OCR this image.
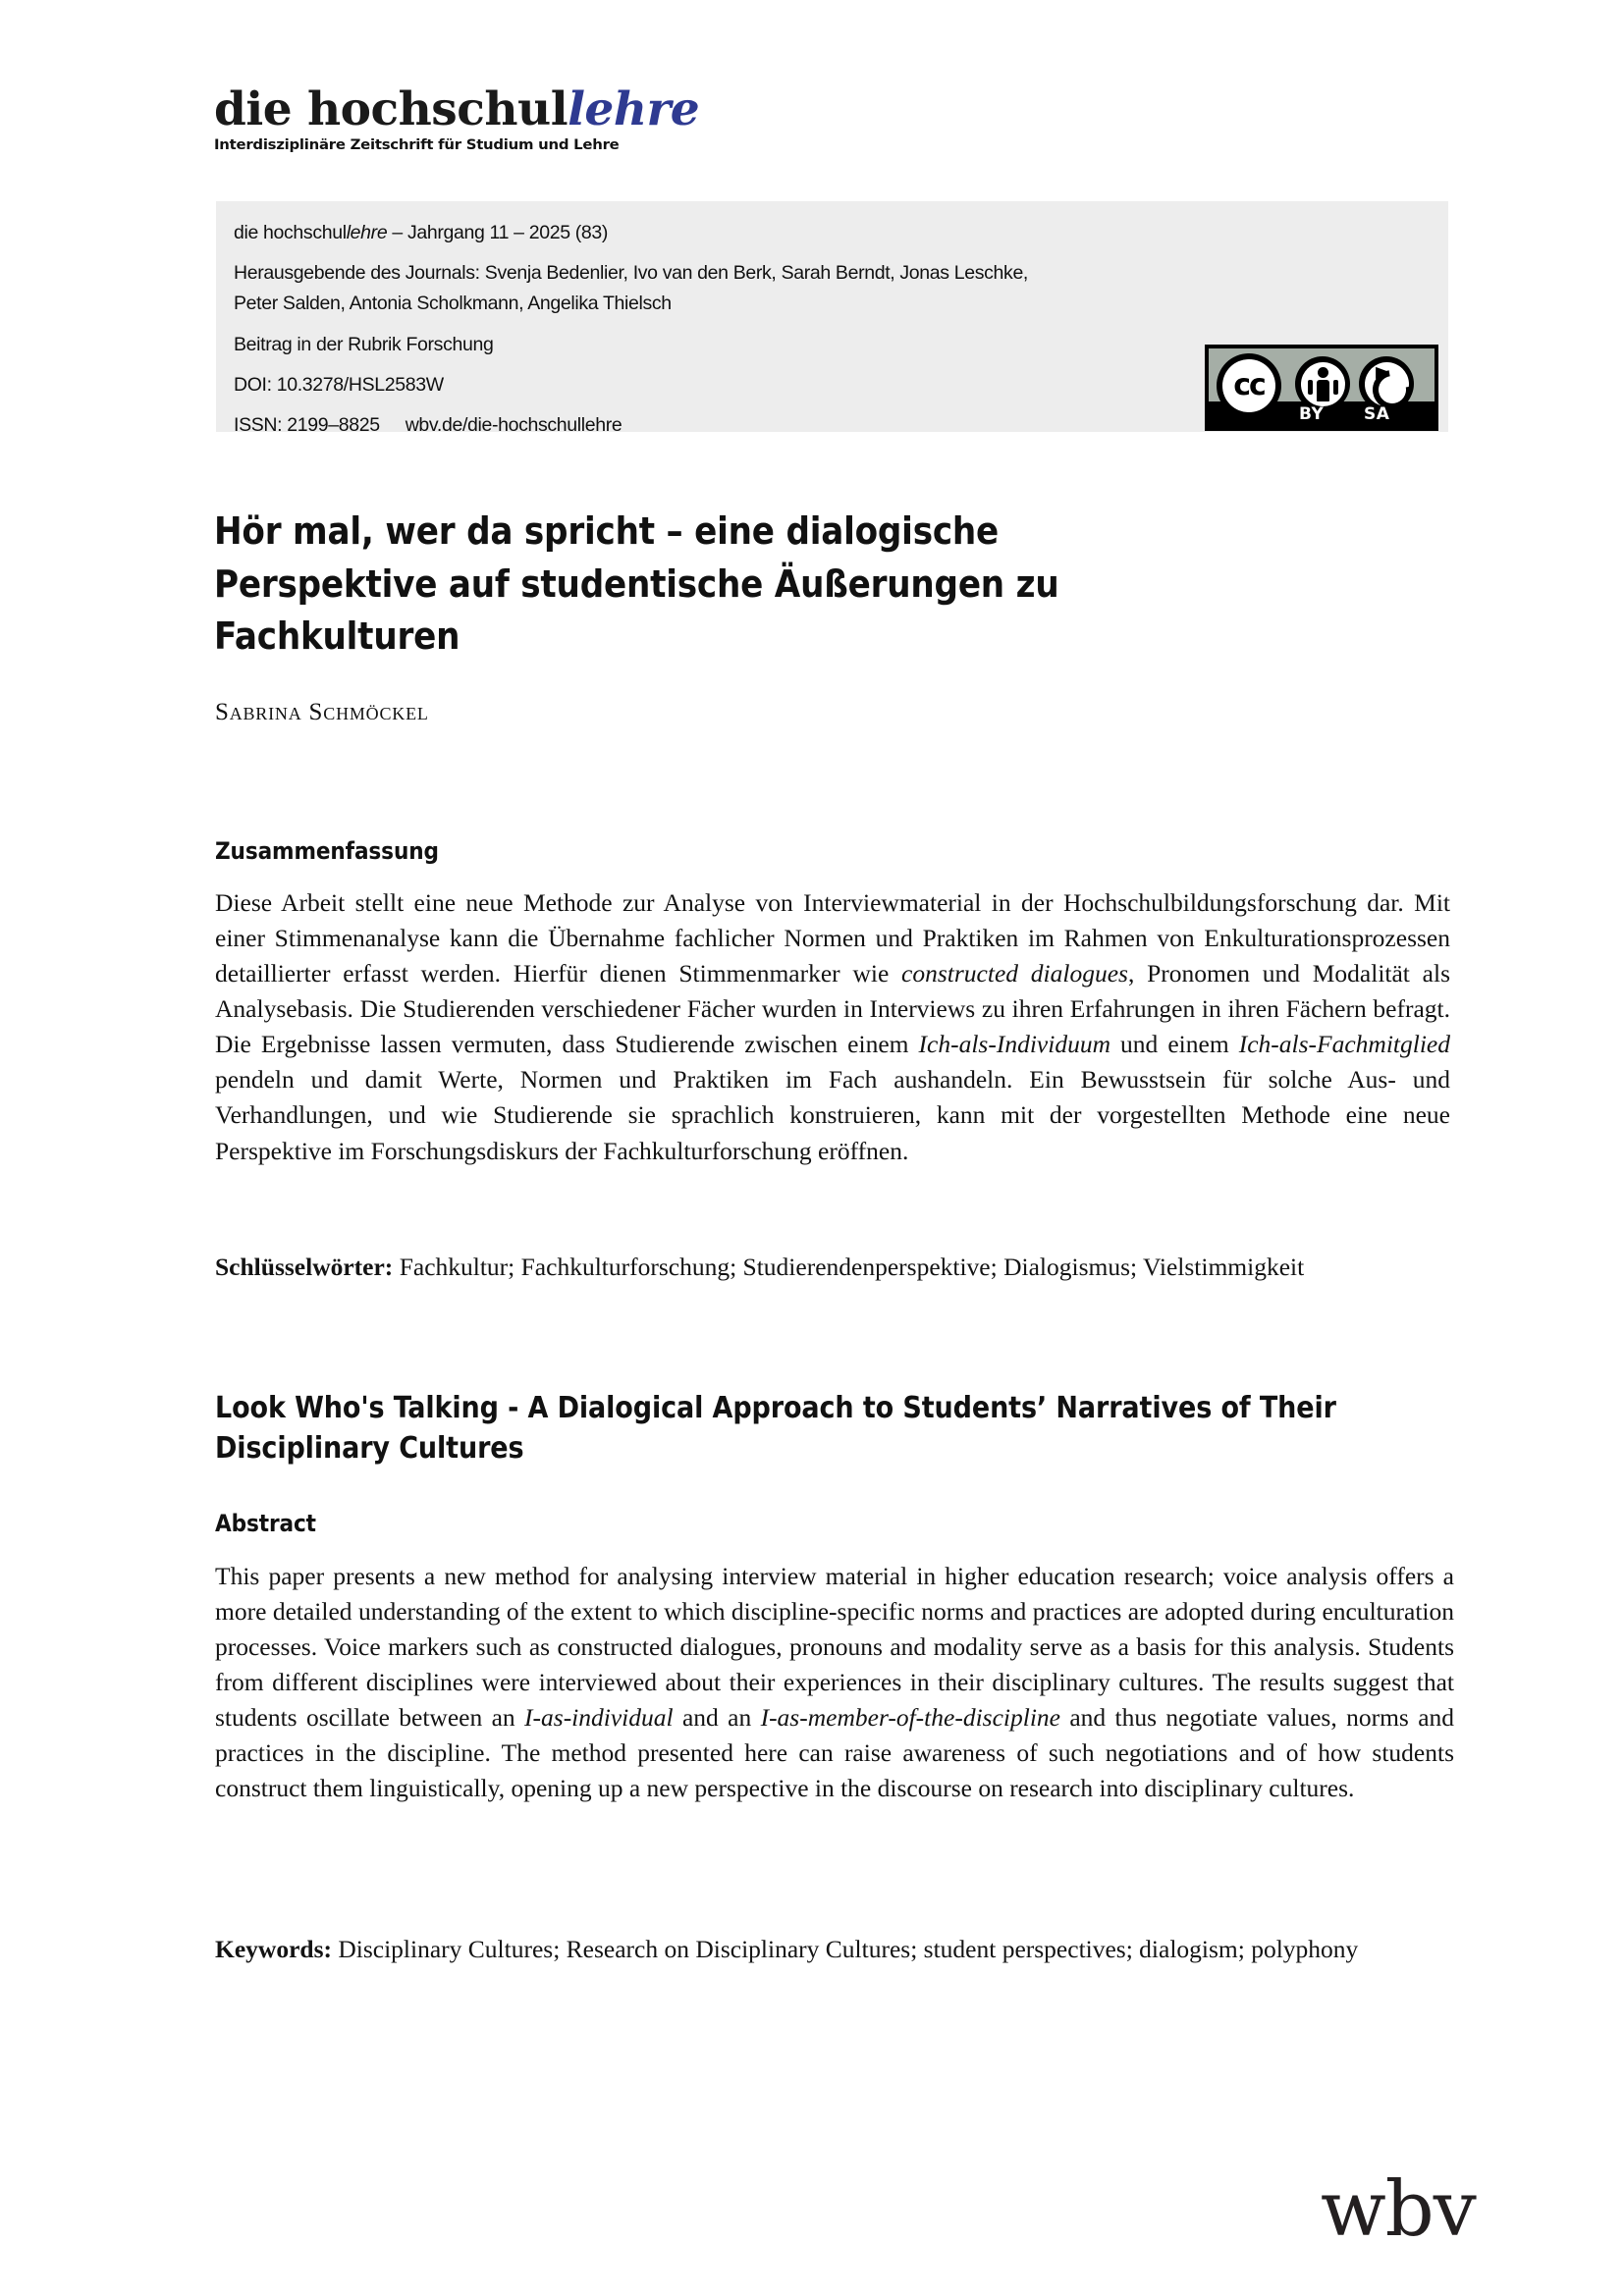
die hochschullehre
Interdisziplinäre Zeitschrift für Studium und Lehre
die hochschullehre – Jahrgang 11 – 2025 (83)
Herausgebende des Journals: Svenja Bedenlier, Ivo van den Berk, Sarah Berndt, Jonas Leschke,
Peter Salden, Antonia Scholkmann, Angelika Thielsch
Beitrag in der Rubrik Forschung
DOI: 10.3278/HSL2583W
ISSN: 2199–8825 wbv.de/die-hochschullehre
cc
BY SA
Hör mal, wer da spricht – eine dialogische Perspektive auf studentische Äußerungen zu Fachkulturen
Sabrina Schmöckel
Zusammenfassung
Diese Arbeit stellt eine neue Methode zur Analyse von Interviewmaterial in der Hochschulbildungsforschung dar. Mit einer Stimmenanalyse kann die Übernahme fachlicher Normen und Praktiken im Rahmen von Enkulturationsprozessen detaillierter erfasst werden. Hierfür dienen Stimmenmarker wie constructed dialogues, Pronomen und Modalität als Analysebasis. Die Studierenden verschiedener Fächer wurden in Interviews zu ihren Erfahrungen in ihren Fächern befragt. Die Ergebnisse lassen vermuten, dass Studierende zwischen einem Ich-als-Individuum und einem Ich-als-Fachmitglied pendeln und damit Werte, Normen und Praktiken im Fach aushandeln. Ein Bewusstsein für solche Aus- und Verhandlungen, und wie Studierende sie sprachlich konstruieren, kann mit der vorgestellten Methode eine neue Perspektive im Forschungsdiskurs der Fachkulturforschung eröffnen.
Schlüsselwörter: Fachkultur; Fachkulturforschung; Studierendenperspektive; Dialogismus; Vielstimmigkeit
Look Who's Talking - A Dialogical Approach to Students’ Narratives of Their Disciplinary Cultures
Abstract
This paper presents a new method for analysing interview material in higher education research; voice analysis offers a more detailed understanding of the extent to which discipline-specific norms and practices are adopted during enculturation processes. Voice markers such as constructed dialogues, pronouns and modality serve as a basis for this analysis. Students from different disciplines were interviewed about their experiences in their disciplinary cultures. The results suggest that students oscillate between an I-as-individual and an I-as-member-of-the-discipline and thus negotiate values, norms and practices in the discipline. The method presented here can raise awareness of such negotiations and of how students construct them linguistically, opening up a new perspective in the discourse on research into disciplinary cultures.
Keywords: Disciplinary Cultures; Research on Disciplinary Cultures; student perspectives; dialogism; polyphony
wbv
